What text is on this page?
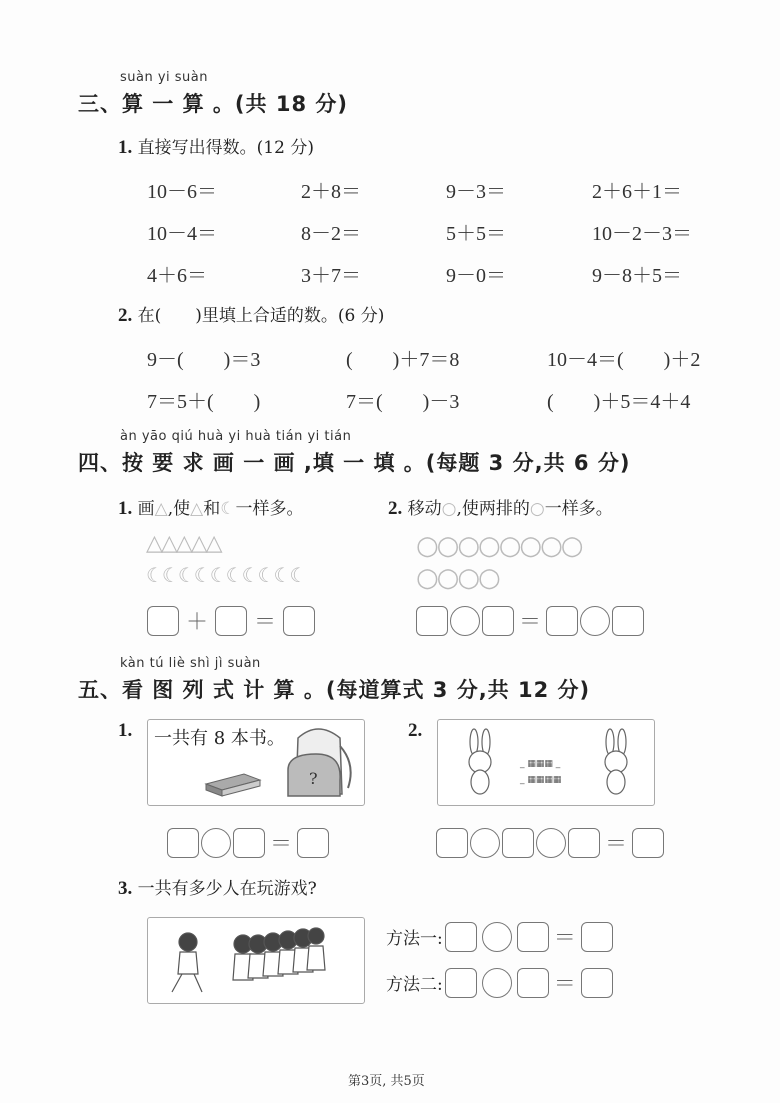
suàn yi suàn
三、算 一 算 。(共 18 分)
1. 直接写出得数。(12 分)
10－6＝	2＋8＝	9－3＝	2＋6＋1＝
10－4＝	8－2＝	5＋5＝	10－2－3＝
4＋6＝	3＋7＝	9－0＝	9－8＋5＝
2. 在(　　)里填上合适的数。(6 分)
9－(　　)＝3	(　　)＋7＝8	10－4＝(　　)＋2
7＝5＋(　　)	7＝(　　)－3	(　　)＋5＝4＋4
àn yāo qiú huà yi huà tián yi tián
四、按 要 求 画 一 画 ,填 一 填 。(每题 3 分,共 6 分)
1. 画△,使△和☾一样多。	2. 移动○,使两排的○一样多。
△△△△△
☾☾☾☾☾☾☾☾☾☾
○○○○○○○○
○○○○
＋ ＝	＝
kàn tú liè shì jì suàn
五、看 图 列 式 计 算 。(每道算式 3 分,共 12 分)
1. 一共有 8 本书。
?
2.
_ ▦▦▦ _
_ ▦▦▦▦
＝	＝
3. 一共有多少人在玩游戏?
方法一:	＝
方法二:	＝
第3页, 共5页
